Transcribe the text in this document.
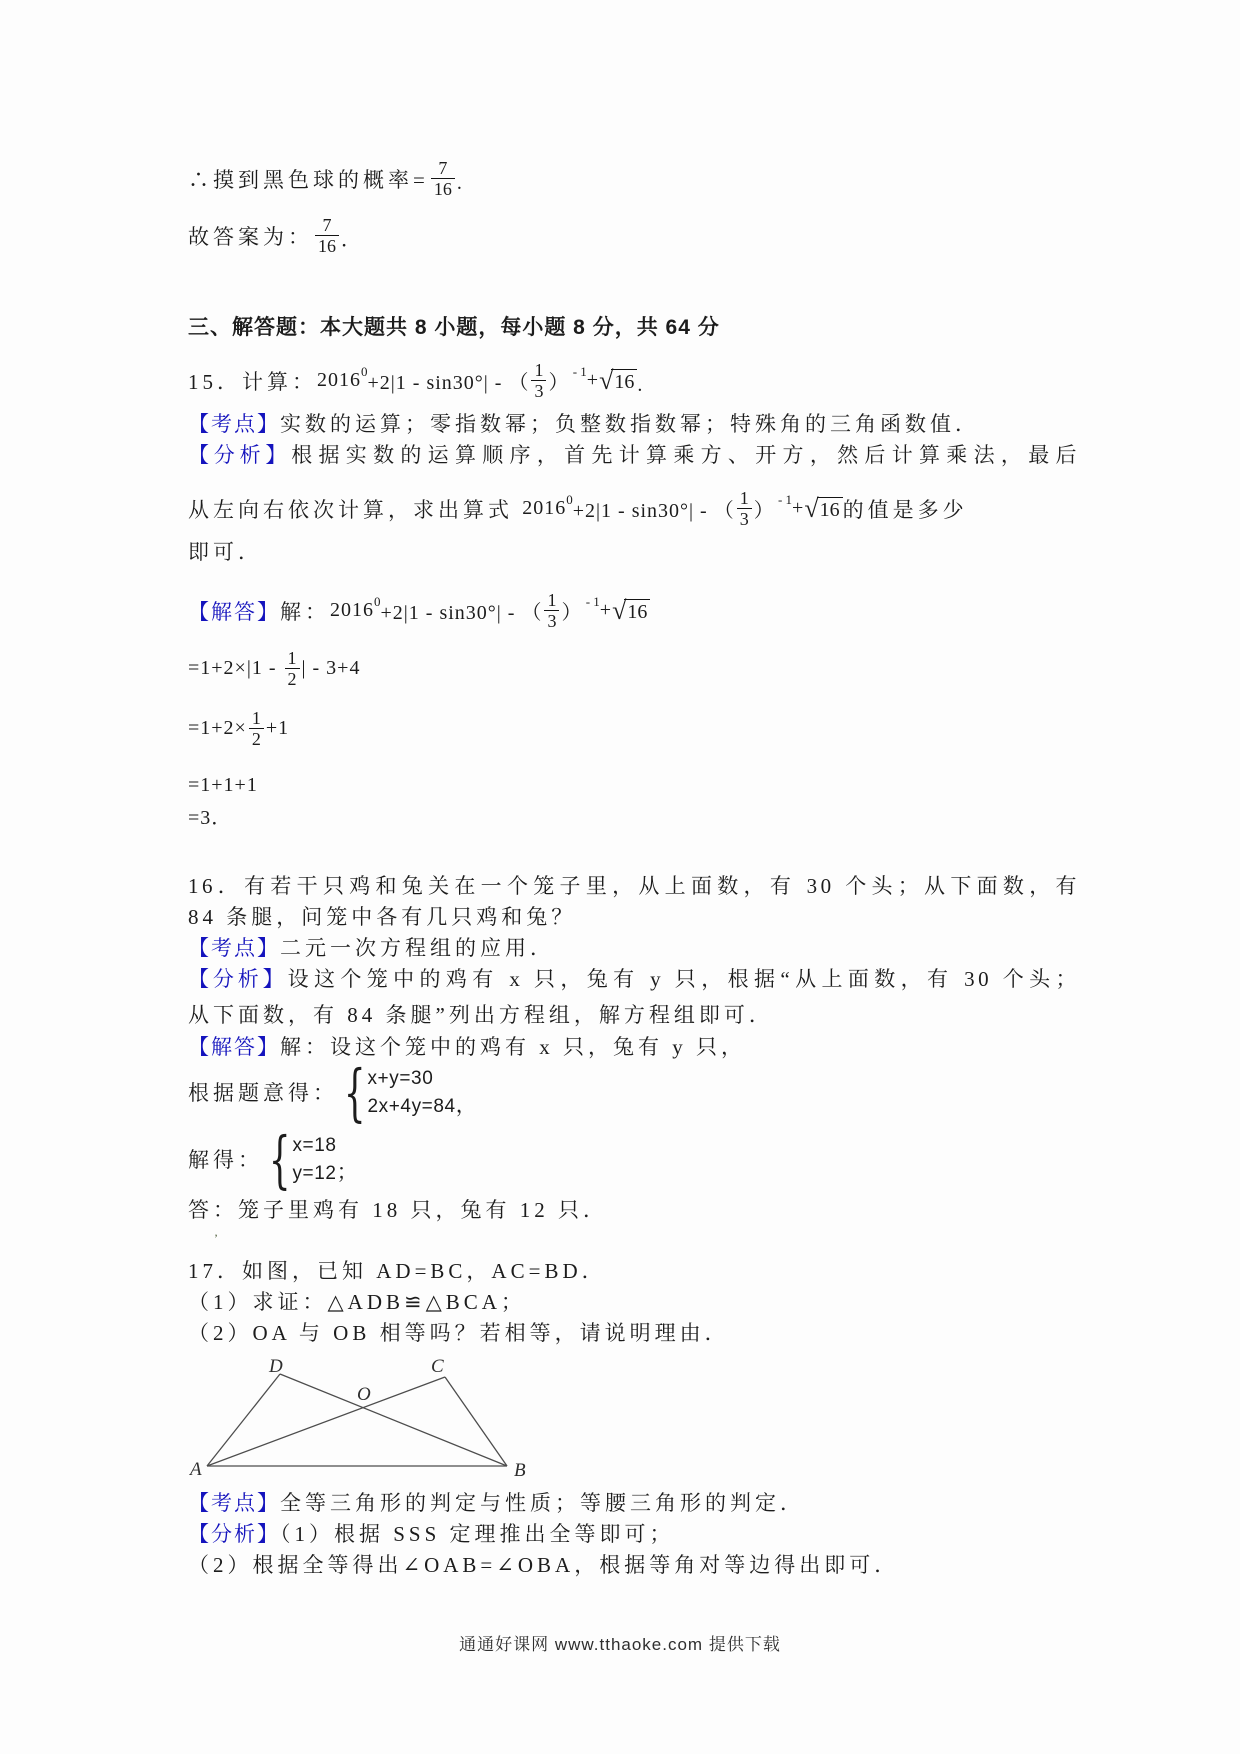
∴摸到黑色球的概率= $\frac{7}{16}$ .
故答案为： $\frac{7}{16}$ ．
三、解答题：本大题共 8 小题，每小题 8 分，共 64 分
15．计算： 2016 0
+2|1 - sin30°| - （ $\frac{1}{3}$ ）
- 1 + √ 16 .
【考点】实数的运算；零指数幂；负整数指数幂；特殊角的三角函数值．
【分析】根据实数的运算顺序，首先计算乘方、开方，然后计算乘法，最后
从左向右依次计算，求出算式 2016 0
+2|1 - sin30°| - （ $\frac{1}{3}$ ）
- 1 + √ 16 的值是多少
即可．
【解答】 解： 2016 0
+2|1 - sin30°| - （ $\frac{1}{3}$ ）
- 1 + √ 16
$=1+2\times|1 - \frac{1}{2}$ | - 3+4
$=1+2\times \frac{1}{2} +1$
=1+1+1
=3．
16．有若干只鸡和兔关在一个笼子里，从上面数，有 30 个头；从下面数，有
84 条腿，问笼中各有几只鸡和兔？
【考点】二元一次方程组的应用．
【分析】设这个笼中的鸡有 x 只，兔有 y 只，根据“从上面数，有 30 个头；
从下面数，有 84 条腿”列出方程组，解方程组即可．
【解答】解：设这个笼中的鸡有 x 只，兔有 y 只，
根据题意得： { x+y=30
2x+4y=84 ，
解得： { x=18
y=12 ；
答：笼子里鸡有 18 只，兔有 12 只．
’
17．如图，已知 AD=BC，AC=BD．
（1）求证：△ADB≌△BCA；
（2）OA 与 OB 相等吗？若相等，请说明理由．
D	C
O
A	B
【考点】全等三角形的判定与性质；等腰三角形的判定．
【分析】（1）根据 SSS 定理推出全等即可；
（2）根据全等得出∠OAB=∠OBA，根据等角对等边得出即可．
通通好课网 www.tthaoke.com 提供下载
